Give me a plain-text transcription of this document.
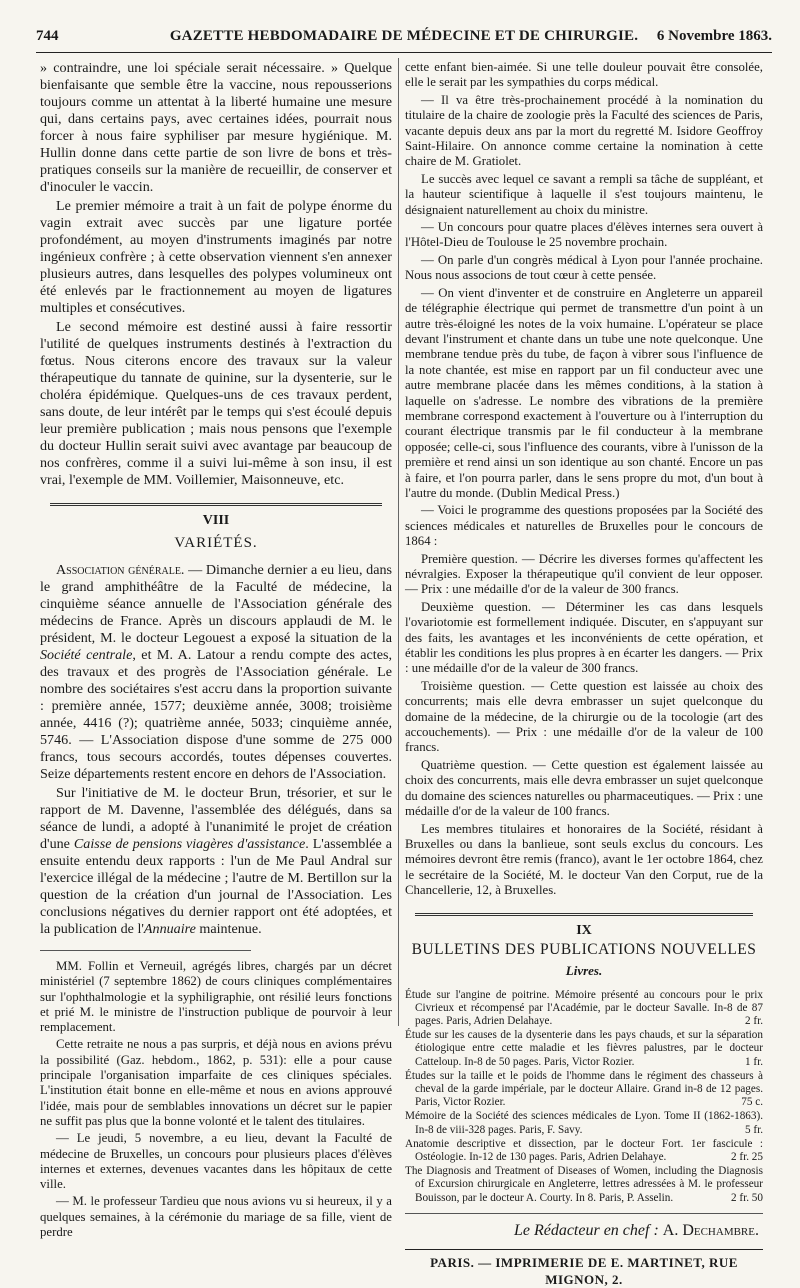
744	GAZETTE HEBDOMADAIRE DE MÉDECINE ET DE CHIRURGIE.	6 Novembre 1863.

» contraindre, une loi spéciale serait nécessaire. » Quelque bienfaisante que semble être la vaccine, nous repousserions toujours comme un attentat à la liberté humaine une mesure qui, dans certains pays, avec certaines idées, pourrait nous forcer à nous faire syphiliser par mesure hygiénique. M. Hullin donne dans cette partie de son livre de bons et très-pratiques conseils sur la manière de recueillir, de conserver et d'inoculer le vaccin.

Le premier mémoire a trait à un fait de polype énorme du vagin extrait avec succès par une ligature portée profondément, au moyen d'instruments imaginés par notre ingénieux confrère ; à cette observation viennent s'en annexer plusieurs autres, dans lesquelles des polypes volumineux ont été enlevés par le fractionnement au moyen de ligatures multiples et consécutives.

Le second mémoire est destiné aussi à faire ressortir l'utilité de quelques instruments destinés à l'extraction du fœtus. Nous citerons encore des travaux sur la valeur thérapeutique du tannate de quinine, sur la dysenterie, sur le choléra épidémique. Quelques-uns de ces travaux perdent, sans doute, de leur intérêt par le temps qui s'est écoulé depuis leur première publication ; mais nous pensons que l'exemple du docteur Hullin serait suivi avec avantage par beaucoup de nos confrères, comme il a suivi lui-même à son insu, il est vrai, l'exemple de MM. Voillemier, Maisonneuve, etc.

VIII
VARIÉTÉS.

Association générale. — Dimanche dernier a eu lieu, dans le grand amphithéâtre de la Faculté de médecine, la cinquième séance annuelle de l'Association générale des médecins de France. Après un discours applaudi de M. le président, M. le docteur Legouest a exposé la situation de la Société centrale, et M. A. Latour a rendu compte des actes, des travaux et des progrès de l'Association générale. Le nombre des sociétaires s'est accru dans la proportion suivante : première année, 1577; deuxième année, 3008; troisième année, 4416 (?); quatrième année, 5033; cinquième année, 5746. — L'Association dispose d'une somme de 275 000 francs, tous secours accordés, toutes dépenses couvertes. Seize départements restent encore en dehors de l'Association.

Sur l'initiative de M. le docteur Brun, trésorier, et sur le rapport de M. Davenne, l'assemblée des délégués, dans sa séance de lundi, a adopté à l'unanimité le projet de création d'une Caisse de pensions viagères d'assistance. L'assemblée a ensuite entendu deux rapports : l'un de Me Paul Andral sur l'exercice illégal de la médecine ; l'autre de M. Bertillon sur la question de la création d'un journal de l'Association. Les conclusions négatives du dernier rapport ont été adoptées, et la publication de l'Annuaire maintenue.

MM. Follin et Verneuil, agrégés libres, chargés par un décret ministériel (7 septembre 1862) de cours cliniques complémentaires sur l'ophthalmologie et la syphiligraphie, ont résilié leurs fonctions et prié M. le ministre de l'instruction publique de pourvoir à leur remplacement.

Cette retraite ne nous a pas surpris, et déjà nous en avions prévu la possibilité (Gaz. hebdom., 1862, p. 531): elle a pour cause principale l'organisation imparfaite de ces cliniques spéciales. L'institution était bonne en elle-même et nous en avions approuvé l'idée, mais pour de semblables innovations un décret sur le papier ne suffit pas plus que la bonne volonté et le talent des titulaires.

— Le jeudi, 5 novembre, a eu lieu, devant la Faculté de médecine de Bruxelles, un concours pour plusieurs places d'élèves internes et externes, devenues vacantes dans les hôpitaux de cette ville.

— M. le professeur Tardieu que nous avions vu si heureux, il y a quelques semaines, à la cérémonie du mariage de sa fille, vient de perdre

cette enfant bien-aimée. Si une telle douleur pouvait être consolée, elle le serait par les sympathies du corps médical.

— Il va être très-prochainement procédé à la nomination du titulaire de la chaire de zoologie près la Faculté des sciences de Paris, vacante depuis deux ans par la mort du regretté M. Isidore Geoffroy Saint-Hilaire. On annonce comme certaine la nomination à cette chaire de M. Gratiolet.

Le succès avec lequel ce savant a rempli sa tâche de suppléant, et la hauteur scientifique à laquelle il s'est toujours maintenu, le désignaient naturellement au choix du ministre.

— Un concours pour quatre places d'élèves internes sera ouvert à l'Hôtel-Dieu de Toulouse le 25 novembre prochain.

— On parle d'un congrès médical à Lyon pour l'année prochaine. Nous nous associons de tout cœur à cette pensée.

— On vient d'inventer et de construire en Angleterre un appareil de télégraphie électrique qui permet de transmettre d'un point à un autre très-éloigné les notes de la voix humaine. L'opérateur se place devant l'instrument et chante dans un tube une note quelconque. Une membrane tendue près du tube, de façon à vibrer sous l'influence de la note chantée, est mise en rapport par un fil conducteur avec une autre membrane placée dans les mêmes conditions, à la station à laquelle on s'adresse. Le nombre des vibrations de la première membrane correspond exactement à l'ouverture ou à l'interruption du courant électrique transmis par le fil conducteur à la membrane opposée; celle-ci, sous l'influence des courants, vibre à l'unisson de la première et rend ainsi un son identique au son chanté. Encore un pas à faire, et l'on pourra parler, dans le sens propre du mot, d'un bout à l'autre du monde. (Dublin Medical Press.)

— Voici le programme des questions proposées par la Société des sciences médicales et naturelles de Bruxelles pour le concours de 1864 :

Première question. — Décrire les diverses formes qu'affectent les névralgies. Exposer la thérapeutique qu'il convient de leur opposer. — Prix : une médaille d'or de la valeur de 300 francs.

Deuxième question. — Déterminer les cas dans lesquels l'ovariotomie est formellement indiquée. Discuter, en s'appuyant sur des faits, les avantages et les inconvénients de cette opération, et établir les conditions les plus propres à en écarter les dangers. — Prix : une médaille d'or de la valeur de 300 francs.

Troisième question. — Cette question est laissée au choix des concurrents; mais elle devra embrasser un sujet quelconque du domaine de la médecine, de la chirurgie ou de la tocologie (art des accouchements). — Prix : une médaille d'or de la valeur de 100 francs.

Quatrième question. — Cette question est également laissée au choix des concurrents, mais elle devra embrasser un sujet quelconque du domaine des sciences naturelles ou pharmaceutiques. — Prix : une médaille d'or de la valeur de 100 francs.

Les membres titulaires et honoraires de la Société, résidant à Bruxelles ou dans la banlieue, sont seuls exclus du concours. Les mémoires devront être remis (franco), avant le 1er octobre 1864, chez le secrétaire de la Société, M. le docteur Van den Corput, rue de la Chancellerie, 12, à Bruxelles.

IX
BULLETINS DES PUBLICATIONS NOUVELLES
Livres.
Étude sur l'angine de poitrine. Mémoire présenté au concours pour le prix Civrieux et récompensé par l'Académie, par le docteur Savalle. In-8 de 87 pages. Paris, Adrien Delahaye.	2 fr.
Étude sur les causes de la dysenterie dans les pays chauds, et sur la séparation étiologique entre cette maladie et les fièvres palustres, par le docteur Catteloup. In-8 de 50 pages. Paris, Victor Rozier.	1 fr.
Études sur la taille et le poids de l'homme dans le régiment des chasseurs à cheval de la garde impériale, par le docteur Allaire. Grand in-8 de 12 pages. Paris, Victor Rozier.	75 c.
Mémoire de la Société des sciences médicales de Lyon. Tome II (1862-1863). In-8 de viii-328 pages. Paris, F. Savy.	5 fr.
Anatomie descriptive et dissection, par le docteur Fort. 1er fascicule : Ostéologie. In-12 de 130 pages. Paris, Adrien Delahaye.	2 fr. 25
The Diagnosis and Treatment of Diseases of Women, including the Diagnosis of Excursion chirurgicale en Angleterre, lettres adressées à M. le professeur Bouisson, par le docteur A. Courty. In 8. Paris, P. Asselin.	2 fr. 50
Le Rédacteur en chef : A. Dechambre.
PARIS. — IMPRIMERIE DE E. MARTINET, RUE MIGNON, 2.
